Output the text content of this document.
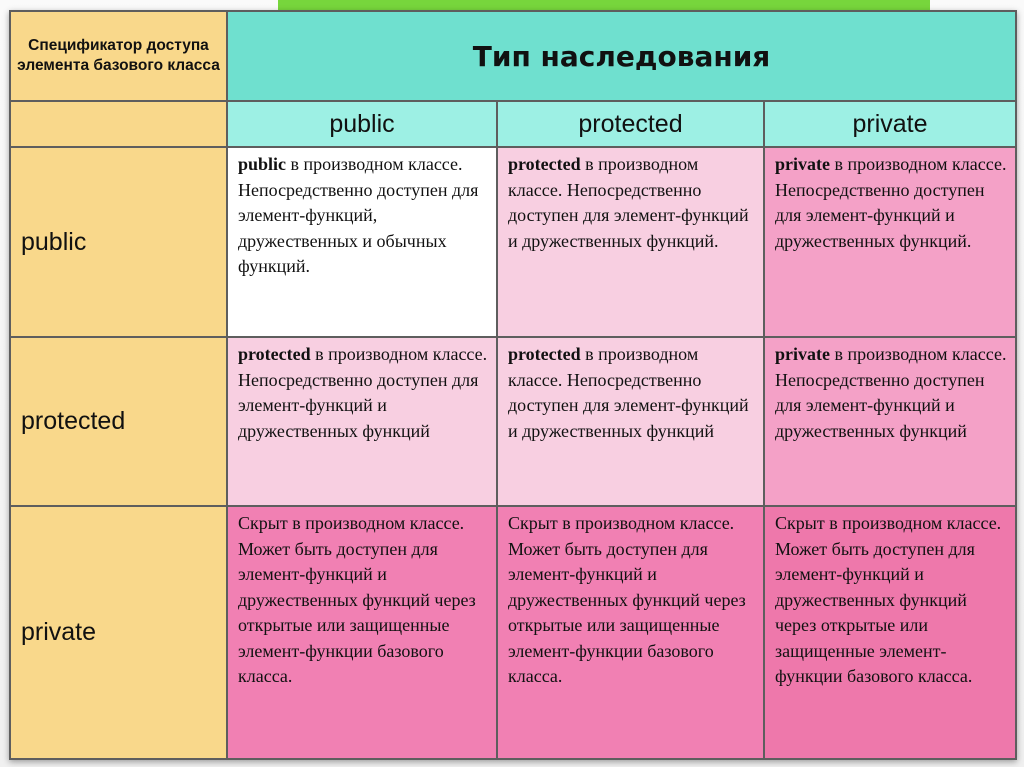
Спецификатор доступа элемента базового класса	Тип наследования		
	public	protected	private
public	public в производном классе. Непосредственно доступен для элемент-функций, дружественных и обычных функций.	protected в производном классе. Непосредственно доступен для элемент-функций и дружественных функций.	private в производном классе. Непосредственно доступен для элемент-функций и дружественных функций.
protected	protected в производном классе. Непосредственно доступен для элемент-функций и дружественных функций	protected в производном классе. Непосредственно доступен для элемент-функций и дружественных функций	private в производном классе. Непосредственно доступен для элемент-функций и дружественных функций
private	Скрыт в производном классе. Может быть доступен для элемент-функций и дружественных функций через открытые или защищенные элемент-функции базового класса.	Скрыт в производном классе. Может быть доступен для элемент-функций и дружественных функций через открытые или защищенные элемент-функции базового класса.	Скрыт в производном классе. Может быть доступен для элемент-функций и дружественных функций через открытые или защищенные элемент-функции базового класса.
